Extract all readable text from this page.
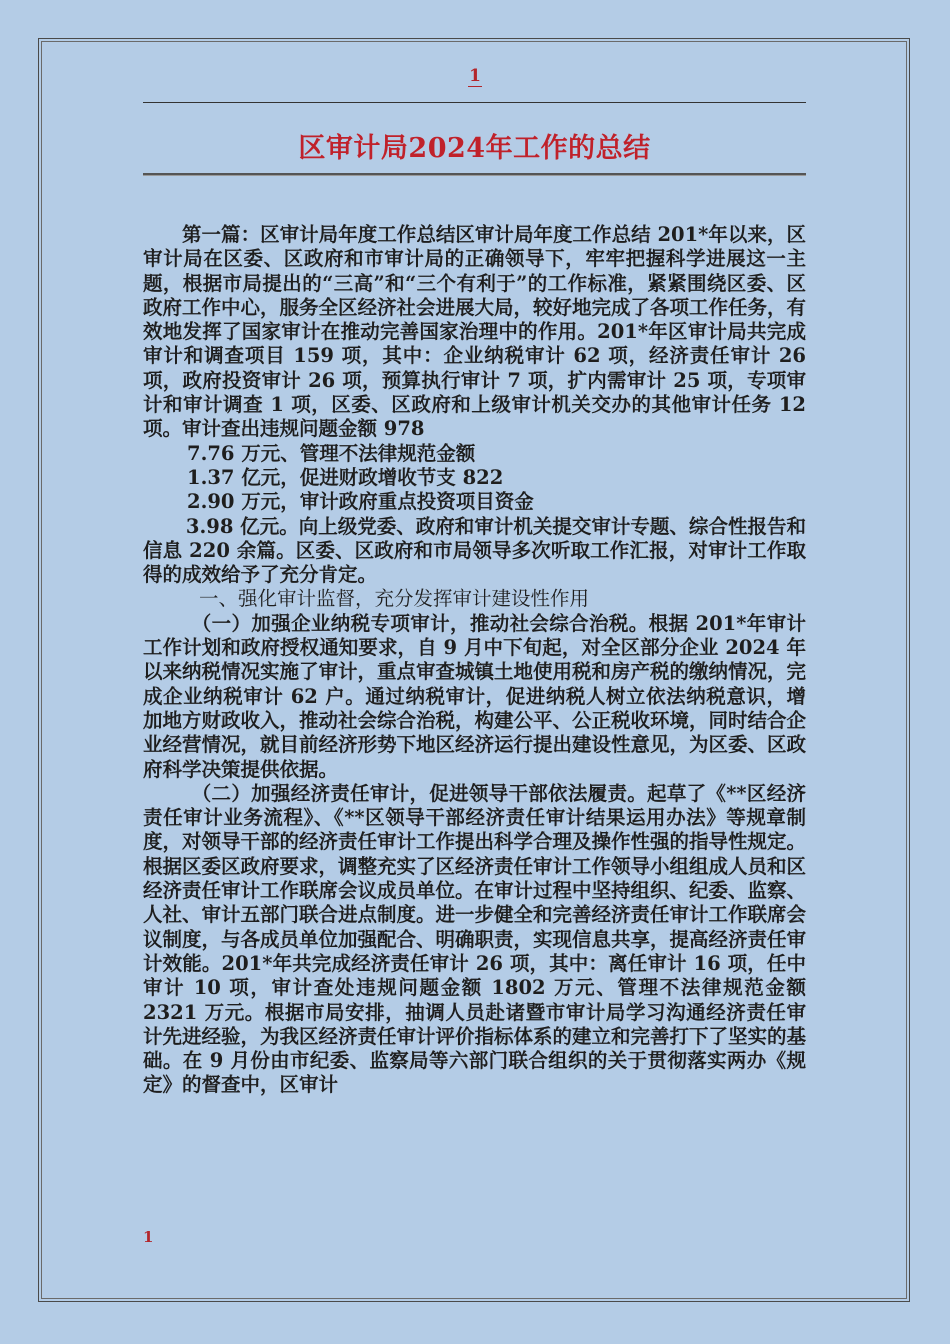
1
区审计局2024年工作的总结

第一篇：区审计局年度工作总结区审计局年度工作总结 201*年以来，区审计局在区委、区政府和市审计局的正确领导下，牢牢把握科学进展这一主题，根据市局提出的“三高”和“三个有利于”的工作标准，紧紧围绕区委、区政府工作中心，服务全区经济社会进展大局，较好地完成了各项工作任务，有效地发挥了国家审计在推动完善国家治理中的作用。201*年区审计局共完成审计和调查项目 159 项，其中：企业纳税审计 62 项，经济责任审计 26 项，政府投资审计 26 项，预算执行审计 7 项，扩内需审计 25 项，专项审计和审计调查 1 项，区委、区政府和上级审计机关交办的其他审计任务 12 项。审计查出违规问题金额 978

7.76 万元、管理不法律规范金额

1.37 亿元，促进财政增收节支 822

2.90 万元，审计政府重点投资项目资金

3.98 亿元。向上级党委、政府和审计机关提交审计专题、综合性报告和信息 220 余篇。区委、区政府和市局领导多次听取工作汇报，对审计工作取得的成效给予了充分肯定。

一、强化审计监督，充分发挥审计建设性作用

（一）加强企业纳税专项审计，推动社会综合治税。根据 201*年审计工作计划和政府授权通知要求，自 9 月中下旬起，对全区部分企业 2024 年以来纳税情况实施了审计，重点审查城镇土地使用税和房产税的缴纳情况，完成企业纳税审计 62 户。通过纳税审计，促进纳税人树立依法纳税意识，增加地方财政收入，推动社会综合治税，构建公平、公正税收环境，同时结合企业经营情况，就目前经济形势下地区经济运行提出建设性意见，为区委、区政府科学决策提供依据。

（二）加强经济责任审计，促进领导干部依法履责。起草了《**区经济责任审计业务流程》、《**区领导干部经济责任审计结果运用办法》等规章制度，对领导干部的经济责任审计工作提出科学合理及操作性强的指导性规定。根据区委区政府要求，调整充实了区经济责任审计工作领导小组组成人员和区经济责任审计工作联席会议成员单位。在审计过程中坚持组织、纪委、监察、人社、审计五部门联合进点制度。进一步健全和完善经济责任审计工作联席会议制度，与各成员单位加强配合、明确职责，实现信息共享，提高经济责任审计效能。201*年共完成经济责任审计 26 项，其中：离任审计 16 项，任中审计 10 项，审计查处违规问题金额 1802 万元、管理不法律规范金额 2321 万元。根据市局安排，抽调人员赴诸暨市审计局学习沟通经济责任审计先进经验，为我区经济责任审计评价指标体系的建立和完善打下了坚实的基础。在 9 月份由市纪委、监察局等六部门联合组织的关于贯彻落实两办《规定》的督查中，区审计

1
